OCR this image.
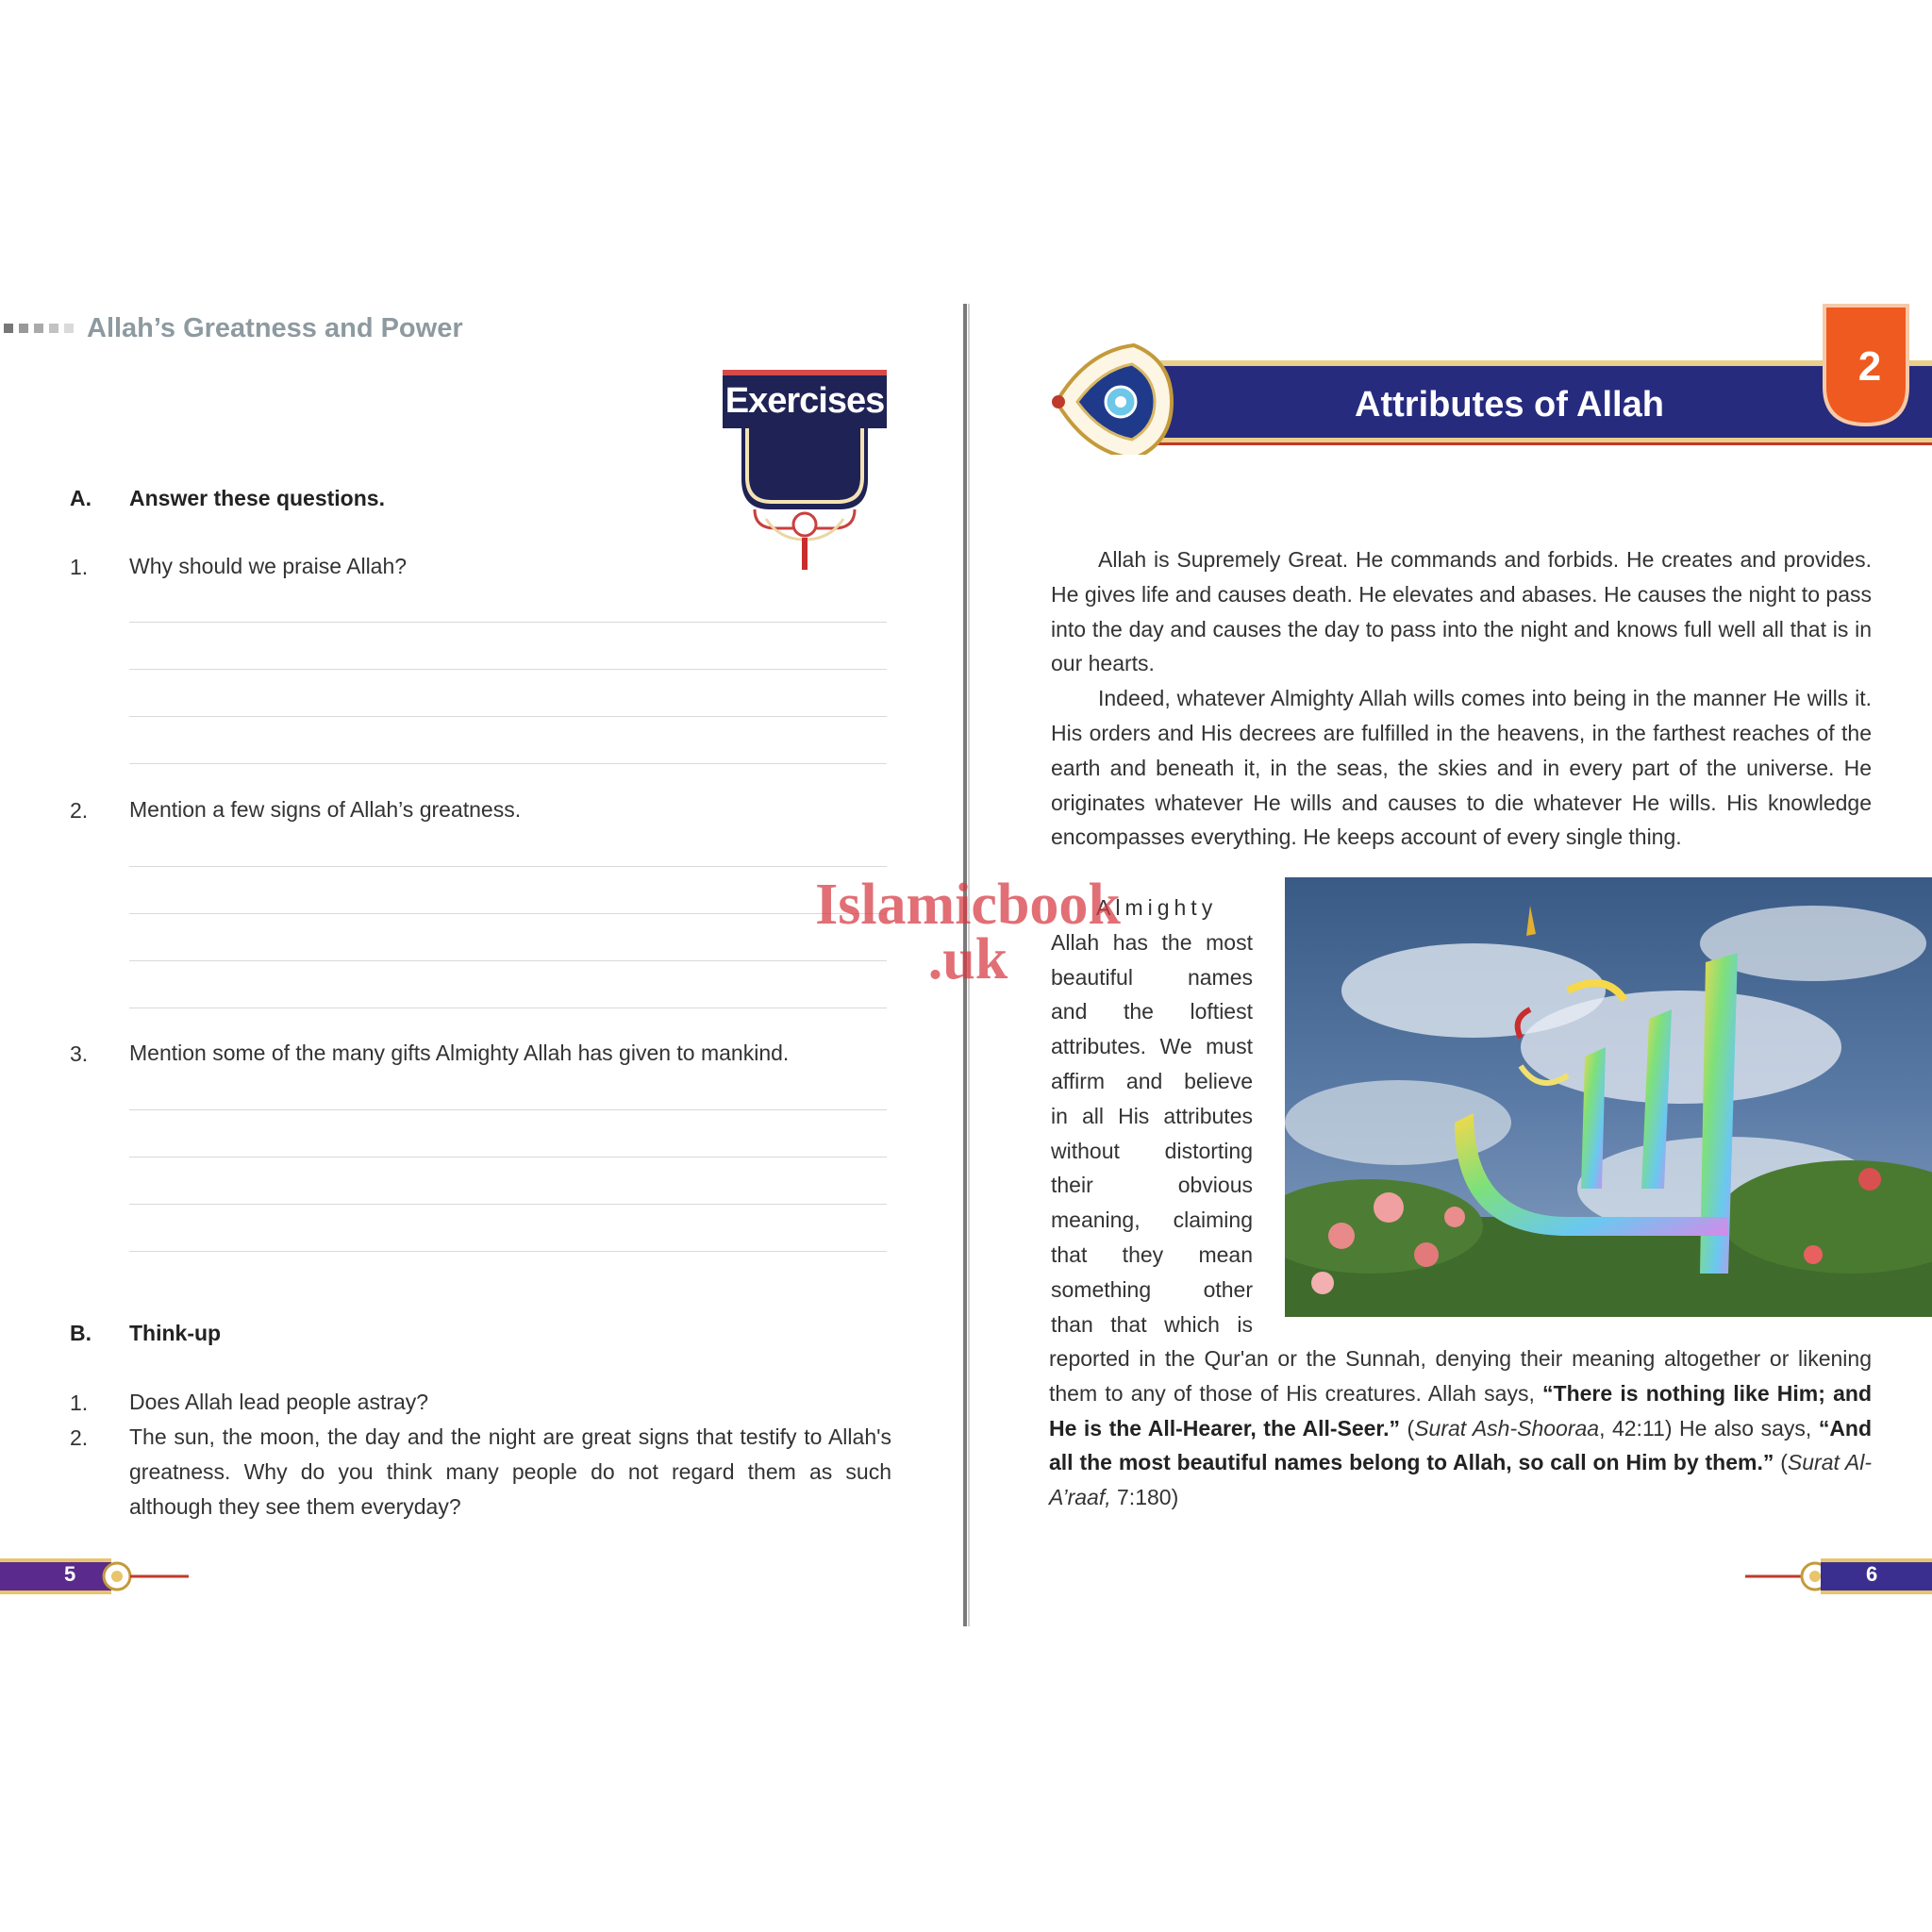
Allah’s Greatness and Power
Exercises
A. Answer these questions.
1. Why should we praise Allah?
2. Mention a few signs of Allah’s greatness.
3. Mention some of the many gifts Almighty Allah has given to mankind.
B. Think-up
1. Does Allah lead people astray?
2. The sun, the moon, the day and the night are great signs that testify to Allah's greatness. Why do you think many people do not regard them as such although they see them everyday?
5
Attributes of Allah
2

Allah is Supremely Great. He commands and forbids. He creates and provides. He gives life and causes death. He elevates and abases. He causes the night to pass into the day and causes the day to pass into the night and knows full well all that is in our hearts.

Indeed, whatever Almighty Allah wills comes into being in the manner He wills it. His orders and His decrees are fulfilled in the heavens, in the farthest reaches of the earth and beneath it, in the seas, the skies and in every part of the universe. He originates whatever He wills and causes to die whatever He wills. His knowledge encompasses everything. He keeps account of every single thing.

Almighty
Allah has the most
beautiful names
and the loftiest
attributes. We must
affirm and believe
in all His attributes
without distorting
their obvious
meaning, claiming
that they mean
something other
than that which is
reported in the Qur'an or the Sunnah, denying their meaning altogether or likening them to any of those of His creatures. Allah says, “There is nothing like Him; and He is the All-Hearer, the All-Seer.” (Surat Ash-Shooraa, 42:11) He also says, “And all the most beautiful names belong to Allah, so call on Him by them.” (Surat Al-A’raaf, 7:180)
6
Islamicbook
.uk
